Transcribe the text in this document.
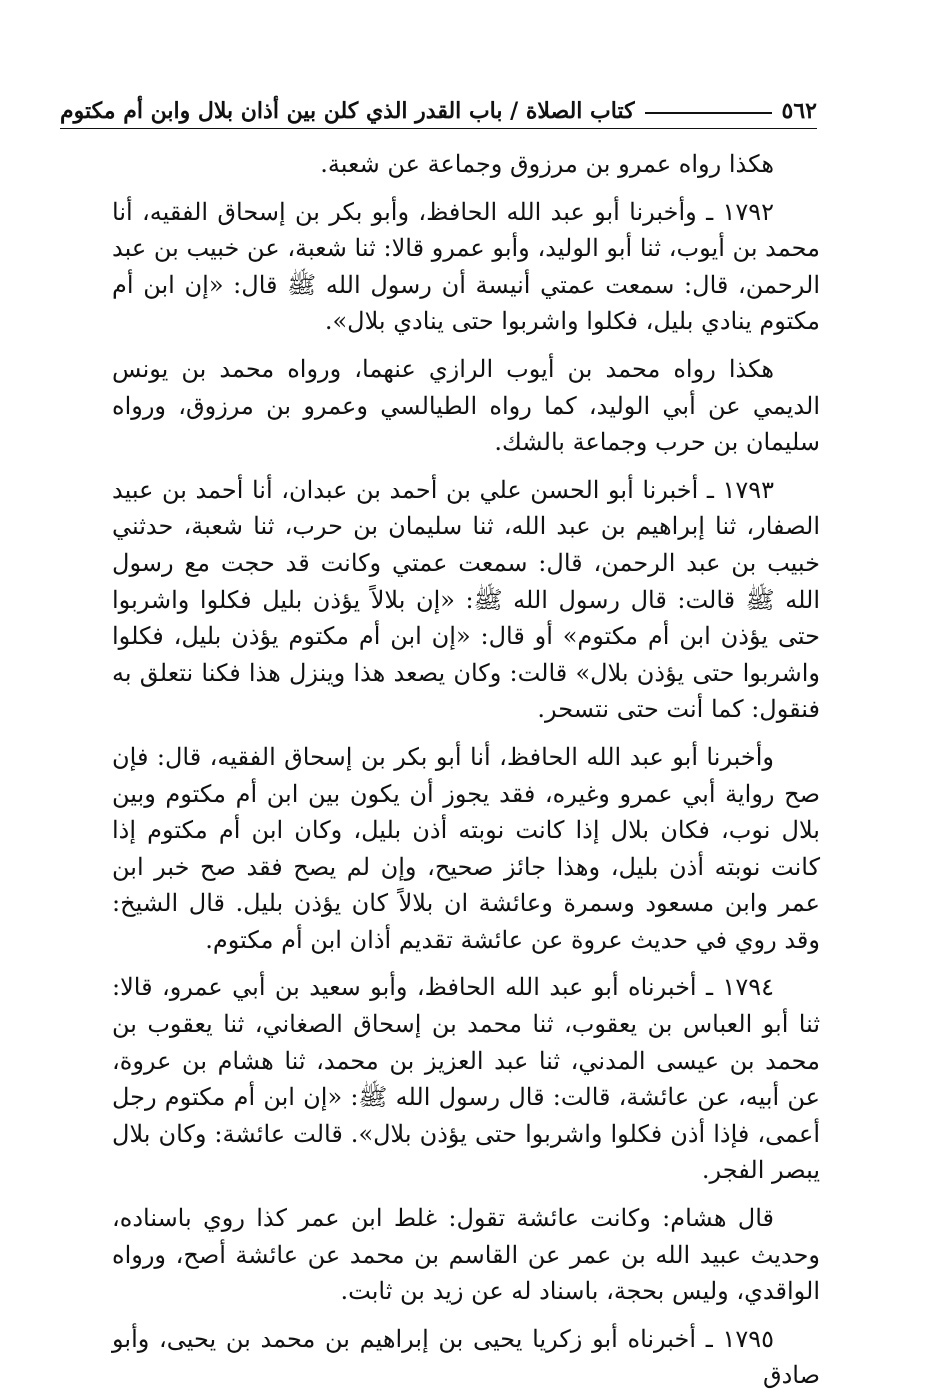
٥٦٢
كتاب الصلاة / باب القدر الذي كلن بين أذان بلال وابن أم مكتوم

هكذا رواه عمرو بن مرزوق وجماعة عن شعبة.

١٧٩٢ ـ وأخبرنا أبو عبد الله الحافظ، وأبو بكر بن إسحاق الفقيه، أنا محمد بن أيوب، ثنا أبو الوليد، وأبو عمرو قالا: ثنا شعبة، عن خبيب بن عبد الرحمن، قال: سمعت عمتي أنيسة أن رسول الله ﷺ قال: «إن ابن أم مكتوم ينادي بليل، فكلوا واشربوا حتى ينادي بلال».

هكذا رواه محمد بن أيوب الرازي عنهما، ورواه محمد بن يونس الديمي عن أبي الوليد، كما رواه الطيالسي وعمرو بن مرزوق، ورواه سليمان بن حرب وجماعة بالشك.

١٧٩٣ ـ أخبرنا أبو الحسن علي بن أحمد بن عبدان، أنا أحمد بن عبيد الصفار، ثنا إبراهيم بن عبد الله، ثنا سليمان بن حرب، ثنا شعبة، حدثني خبيب بن عبد الرحمن، قال: سمعت عمتي وكانت قد حجت مع رسول الله ﷺ قالت: قال رسول الله ﷺ: «إن بلالاً يؤذن بليل فكلوا واشربوا حتى يؤذن ابن أم مكتوم» أو قال: «إن ابن أم مكتوم يؤذن بليل، فكلوا واشربوا حتى يؤذن بلال» قالت: وكان يصعد هذا وينزل هذا فكنا نتعلق به فنقول: كما أنت حتى نتسحر.

وأخبرنا أبو عبد الله الحافظ، أنا أبو بكر بن إسحاق الفقيه، قال: فإن صح رواية أبي عمرو وغيره، فقد يجوز أن يكون بين ابن أم مكتوم وبين بلال نوب، فكان بلال إذا كانت نوبته أذن بليل، وكان ابن أم مكتوم إذا كانت نوبته أذن بليل، وهذا جائز صحيح، وإن لم يصح فقد صح خبر ابن عمر وابن مسعود وسمرة وعائشة ان بلالاً كان يؤذن بليل. قال الشيخ: وقد روي في حديث عروة عن عائشة تقديم أذان ابن أم مكتوم.

١٧٩٤ ـ أخبرناه أبو عبد الله الحافظ، وأبو سعيد بن أبي عمرو، قالا: ثنا أبو العباس بن يعقوب، ثنا محمد بن إسحاق الصغاني، ثنا يعقوب بن محمد بن عيسى المدني، ثنا عبد العزيز بن محمد، ثنا هشام بن عروة، عن أبيه، عن عائشة، قالت: قال رسول الله ﷺ: «إن ابن أم مكتوم رجل أعمى، فإذا أذن فكلوا واشربوا حتى يؤذن بلال». قالت عائشة: وكان بلال يبصر الفجر.

قال هشام: وكانت عائشة تقول: غلط ابن عمر كذا روي باسناده، وحديث عبيد الله بن عمر عن القاسم بن محمد عن عائشة أصح، ورواه الواقدي، وليس بحجة، باسناد له عن زيد بن ثابت.

١٧٩٥ ـ أخبرناه أبو زكريا يحيى بن إبراهيم بن محمد بن يحيى، وأبو صادق
